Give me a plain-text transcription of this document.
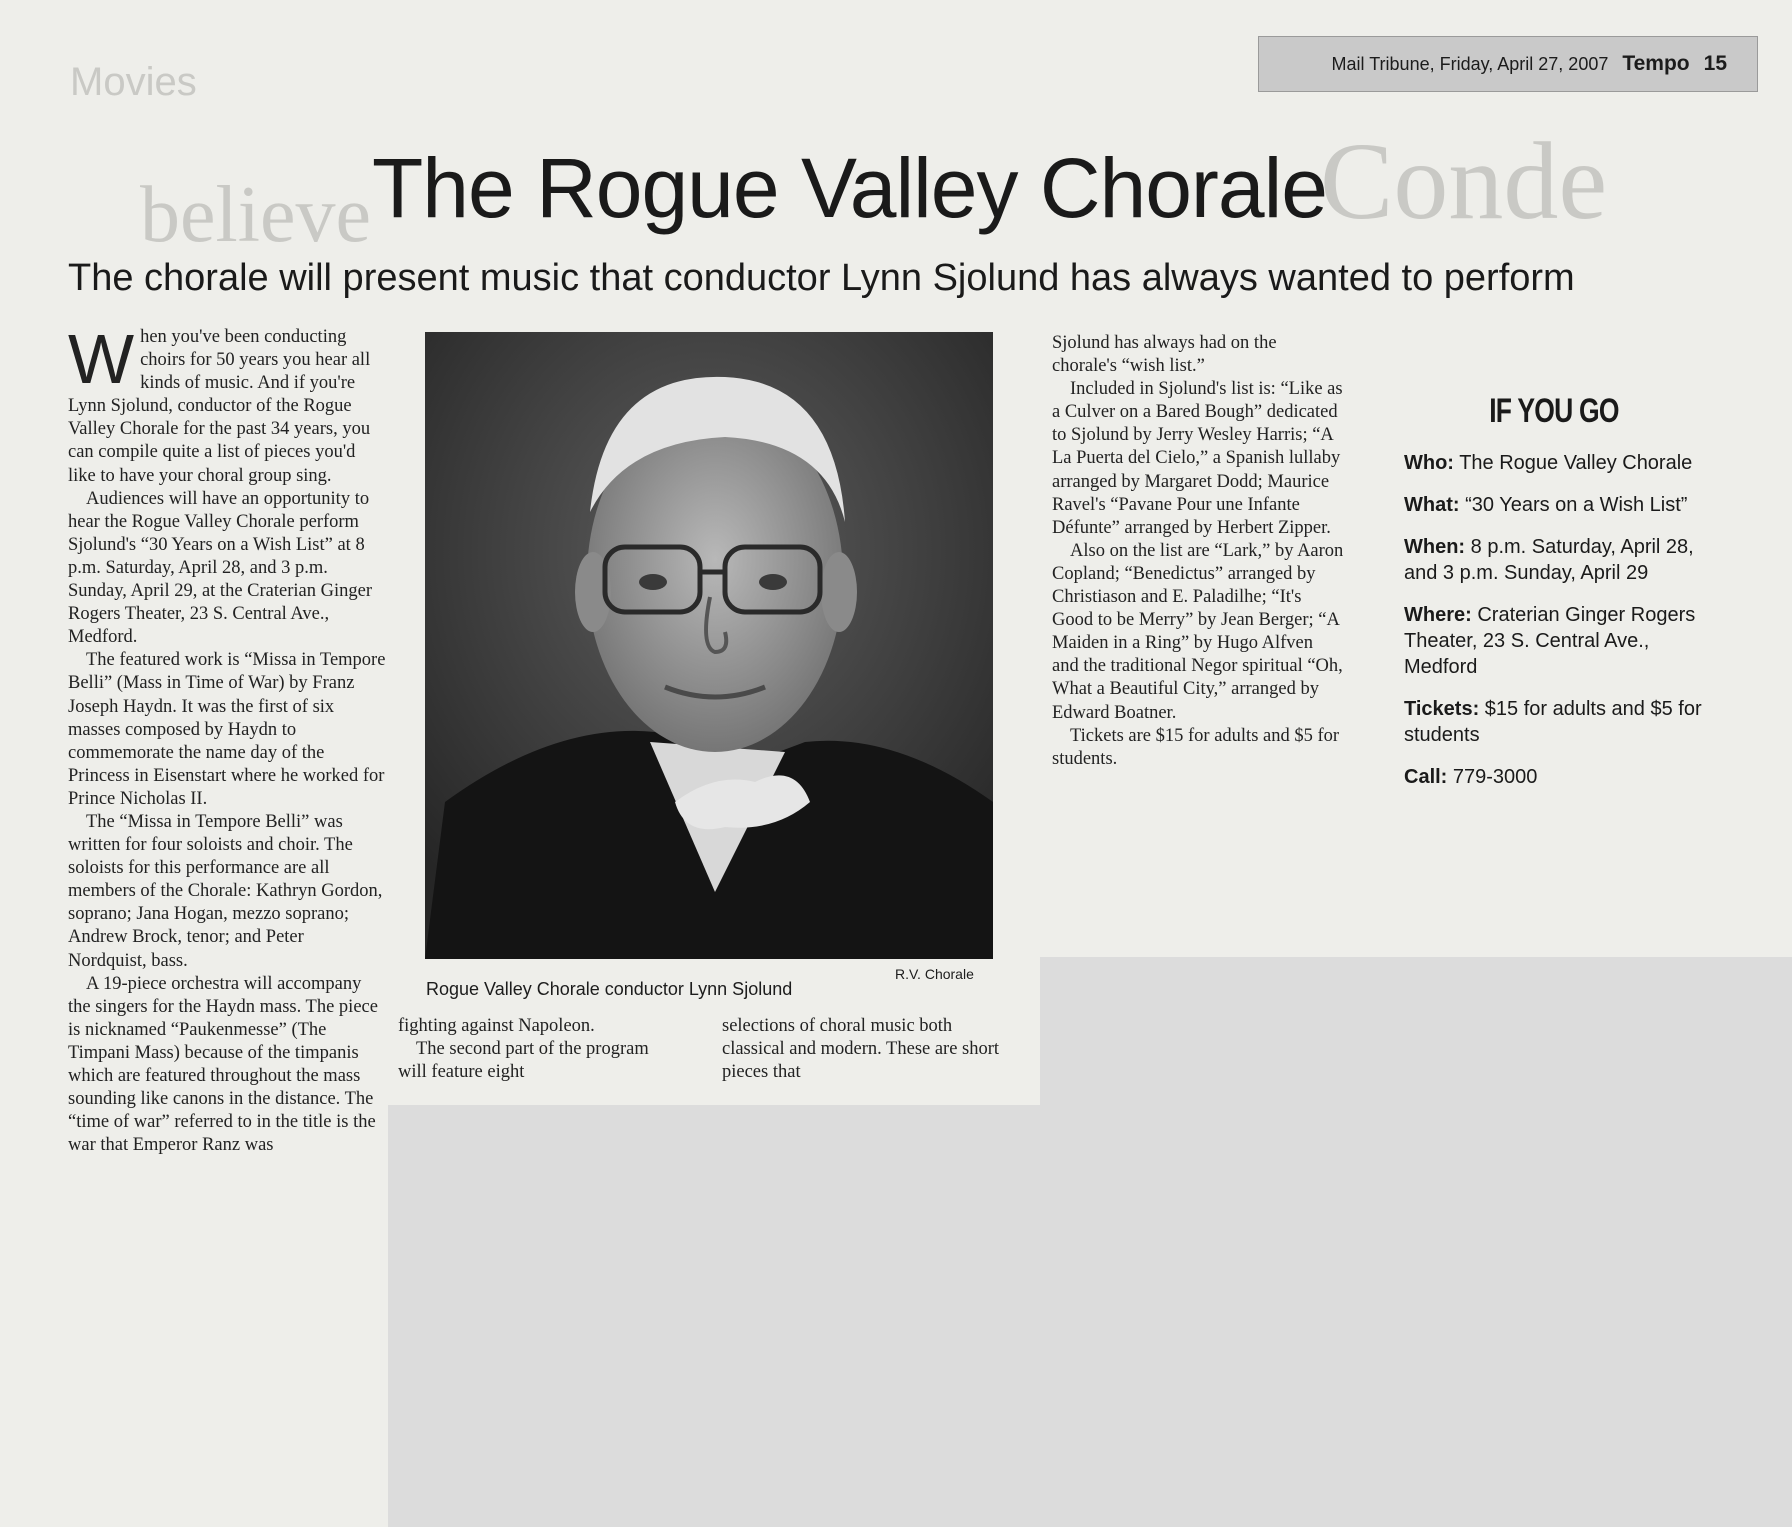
Conde
Movies
believe
Mail Tribune, Friday, April 27, 2007 Tempo 15
The Rogue Valley Chorale
The chorale will present music that conductor Lynn Sjolund has always wanted to perform

When you've been conducting choirs for 50 years you hear all kinds of music. And if you're Lynn Sjolund, conductor of the Rogue Valley Chorale for the past 34 years, you can compile quite a list of pieces you'd like to have your choral group sing.

Audiences will have an opportunity to hear the Rogue Valley Chorale perform Sjolund's “30 Years on a Wish List” at 8 p.m. Saturday, April 28, and 3 p.m. Sunday, April 29, at the Craterian Ginger Rogers Theater, 23 S. Central Ave., Medford.

The featured work is “Missa in Tempore Belli” (Mass in Time of War) by Franz Joseph Haydn. It was the first of six masses composed by Haydn to commemorate the name day of the Princess in Eisenstart where he worked for Prince Nicholas II.

The “Missa in Tempore Belli” was written for four soloists and choir. The soloists for this performance are all members of the Chorale: Kathryn Gordon, soprano; Jana Hogan, mezzo soprano; Andrew Brock, tenor; and Peter Nordquist, bass.

A 19-piece orchestra will accompany the singers for the Haydn mass. The piece is nicknamed “Paukenmesse” (The Timpani Mass) because of the timpanis which are featured throughout the mass sounding like canons in the distance. The “time of war” referred to in the title is the war that Emperor Ranz was

R.V. Chorale
Rogue Valley Chorale conductor Lynn Sjolund

fighting against Napoleon.

The second part of the program will feature eight

selections of choral music both classical and modern. These are short pieces that

Sjolund has always had on the chorale's “wish list.”

Included in Sjolund's list is: “Like as a Culver on a Bared Bough” dedicated to Sjolund by Jerry Wesley Harris; “A La Puerta del Cielo,” a Spanish lullaby arranged by Margaret Dodd; Maurice Ravel's “Pavane Pour une Infante Défunte” arranged by Herbert Zipper.

Also on the list are “Lark,” by Aaron Copland; “Benedictus” arranged by Christiason and E. Paladilhe; “It's Good to be Merry” by Jean Berger; “A Maiden in a Ring” by Hugo Alfven and the traditional Negor spiritual “Oh, What a Beautiful City,” arranged by Edward Boatner.

Tickets are $15 for adults and $5 for students.

IF YOU GO
Who: The Rogue Valley Chorale
What: “30 Years on a Wish List”
When: 8 p.m. Saturday, April 28, and 3 p.m. Sunday, April 29
Where: Craterian Ginger Rogers Theater, 23 S. Central Ave., Medford
Tickets: $15 for adults and $5 for students
Call: 779-3000
